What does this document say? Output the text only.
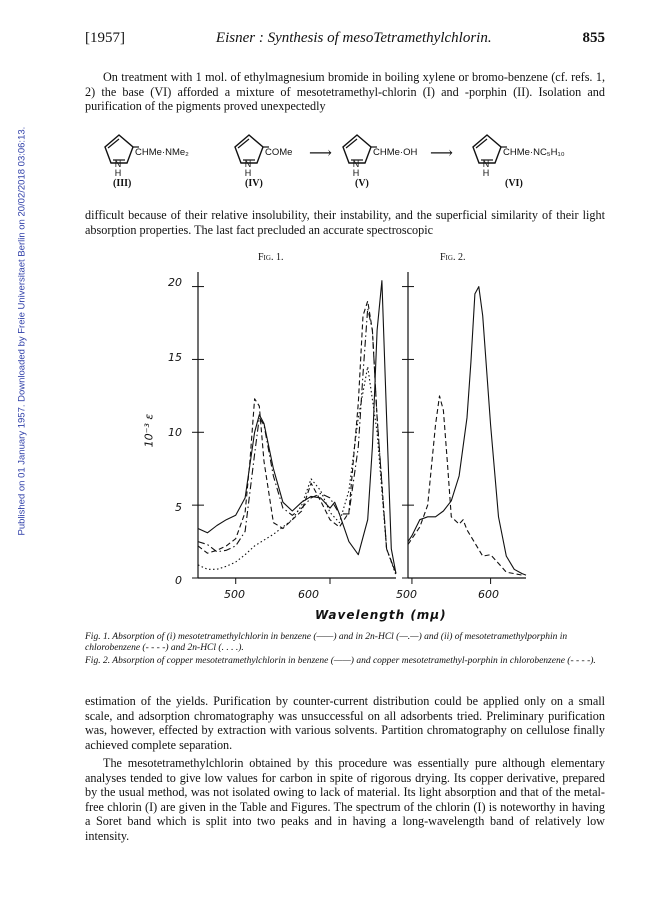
Published on 01 January 1957. Downloaded by Freie Universitaet Berlin on 20/02/2018 03:06:13.
[1957]	Eisner : Synthesis of mesoTetramethylchlorin.	855

On treatment with 1 mol. of ethylmagnesium bromide in boiling xylene or bromo-benzene (cf. refs. 1, 2) the base (VI) afforded a mixture of mesotetramethyl-chlorin (I) and -porphin (II). Isolation and purification of the pigments proved unexpectedly

CHMe·NMe₂
N
H
(III)
COMe
N
H
(IV)
⟶	CHMe·OH
N
H
(V)
⟶	CHMe·NC₅H₁₀
N
H
(VI)

difficult because of their relative insolubility, their instability, and the superficial similarity of their light absorption properties. The last fact precluded an accurate spectroscopic

Fig. 1.	Fig. 2.
20
15
10
5
0
10⁻³ ε
500	600	500	600
Wavelength (mμ)
Fig. 1. Absorption of (i) mesotetramethylchlorin in benzene (——) and in 2n-HCl (—.—) and (ii) of mesotetramethylporphin in chlorobenzene (- - - -) and 2n-HCl (. . . .).
Fig. 2. Absorption of copper mesotetramethylchlorin in benzene (——) and copper mesotetramethyl-porphin in chlorobenzene (- - - -).

estimation of the yields. Purification by counter-current distribution could be applied only on a small scale, and adsorption chromatography was unsuccessful on all adsorbents tried. Preliminary purification was, however, effected by extraction with various solvents. Partition chromatography on cellulose finally achieved complete separation.

The mesotetramethylchlorin obtained by this procedure was essentially pure although elementary analyses tended to give low values for carbon in spite of rigorous drying. Its copper derivative, prepared by the usual method, was not isolated owing to lack of material. Its light absorption and that of the metal-free chlorin (I) are given in the Table and Figures. The spectrum of the chlorin (I) is noteworthy in having a Soret band which is split into two peaks and in having a long-wavelength band of relatively low intensity.
